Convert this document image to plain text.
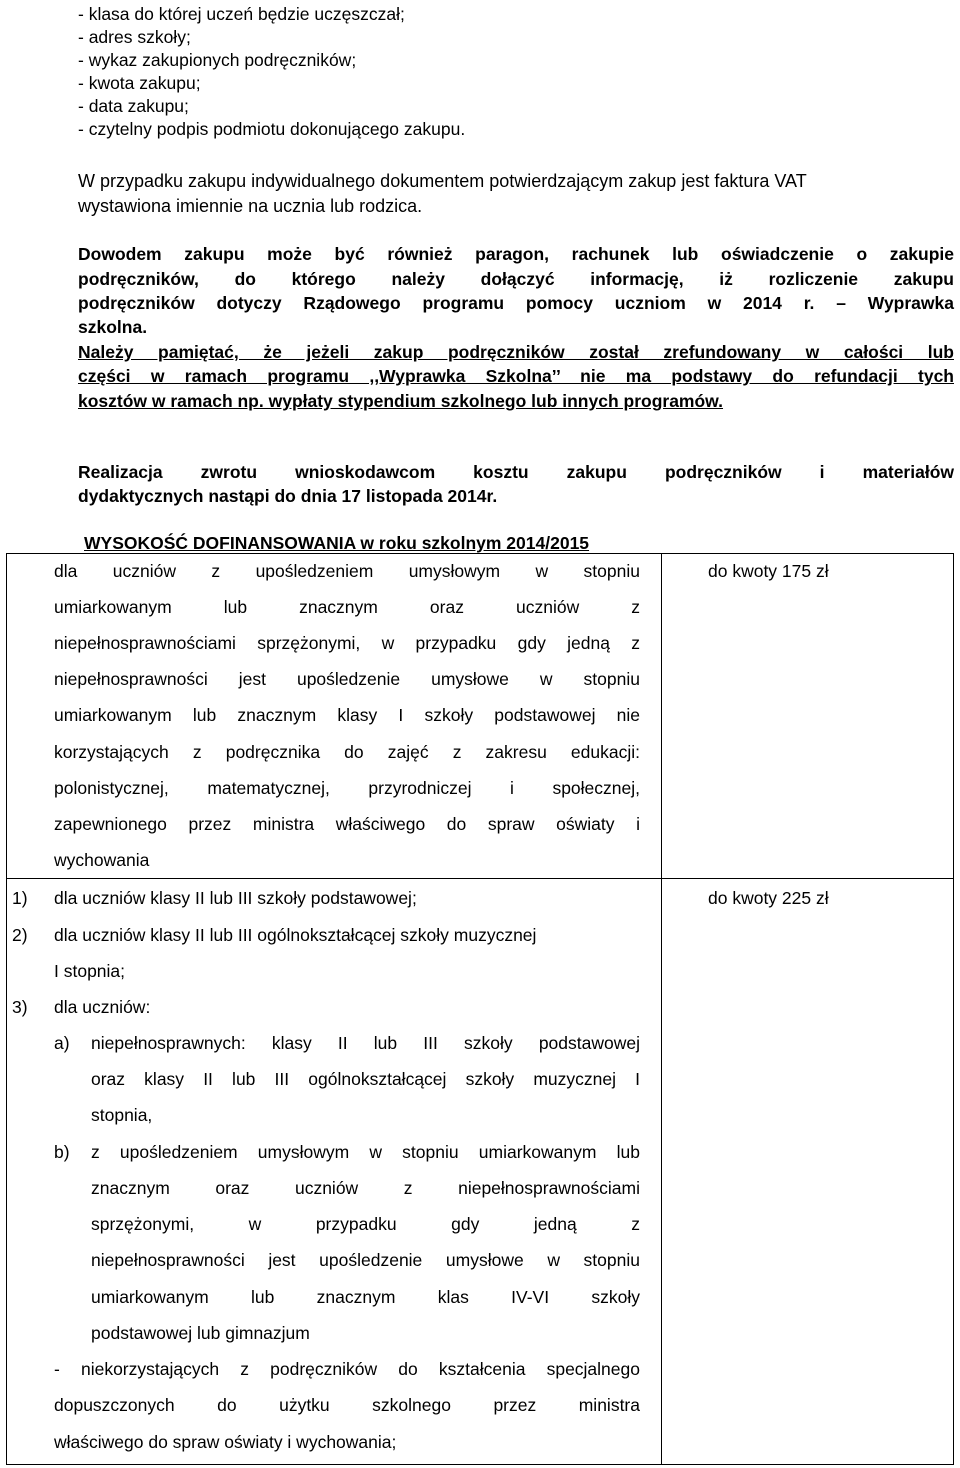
- klasa do której uczeń będzie uczęszczał;
- adres szkoły;
- wykaz zakupionych podręczników;
- kwota zakupu;
- data zakupu;
- czytelny podpis podmiotu dokonującego zakupu.
W przypadku zakupu indywidualnego dokumentem potwierdzającym zakup jest faktura VAT
wystawiona imiennie na ucznia lub rodzica.
Dowodem zakupu może być również paragon, rachunek lub oświadczenie o zakupie
podręczników, do którego należy dołączyć informację, iż rozliczenie zakupu
podręczników dotyczy Rządowego programu pomocy uczniom w 2014 r. – Wyprawka
szkolna.
Należy pamiętać, że jeżeli zakup podręczników został zrefundowany w całości lub
części w ramach programu ,,Wyprawka Szkolna’’ nie ma podstawy do refundacji tych
kosztów w ramach np. wypłaty stypendium szkolnego lub innych programów.
Realizacja zwrotu wnioskodawcom kosztu zakupu podręczników i materiałów
dydaktycznych nastąpi do dnia 17 listopada 2014r.
WYSOKOŚĆ DOFINANSOWANIA w roku szkolnym 2014/2015
dla uczniów z upośledzeniem umysłowym w stopniu
umiarkowanym lub znacznym oraz uczniów z
niepełnosprawnościami sprzężonymi, w przypadku gdy jedną z
niepełnosprawności jest upośledzenie umysłowe w stopniu
umiarkowanym lub znacznym klasy I szkoły podstawowej nie
korzystających z podręcznika do zajęć z zakresu edukacji:
polonistycznej, matematycznej, przyrodniczej i społecznej,
zapewnionego przez ministra właściwego do spraw oświaty i
wychowania
do kwoty 175 zł
1) dla uczniów klasy II lub III szkoły podstawowej;
2) dla uczniów klasy II lub III ogólnokształcącej szkoły muzycznej
I stopnia;
3) dla uczniów:
a) niepełnosprawnych: klasy II lub III szkoły podstawowej
oraz klasy II lub III ogólnokształcącej szkoły muzycznej I
stopnia,
b) z upośledzeniem umysłowym w stopniu umiarkowanym lub
znacznym oraz uczniów z niepełnosprawnościami
sprzężonymi, w przypadku gdy jedną z
niepełnosprawności jest upośledzenie umysłowe w stopniu
umiarkowanym lub znacznym klas IV-VI szkoły
podstawowej lub gimnazjum
- niekorzystających z podręczników do kształcenia specjalnego
dopuszczonych do użytku szkolnego przez ministra
właściwego do spraw oświaty i wychowania;
do kwoty 225 zł
